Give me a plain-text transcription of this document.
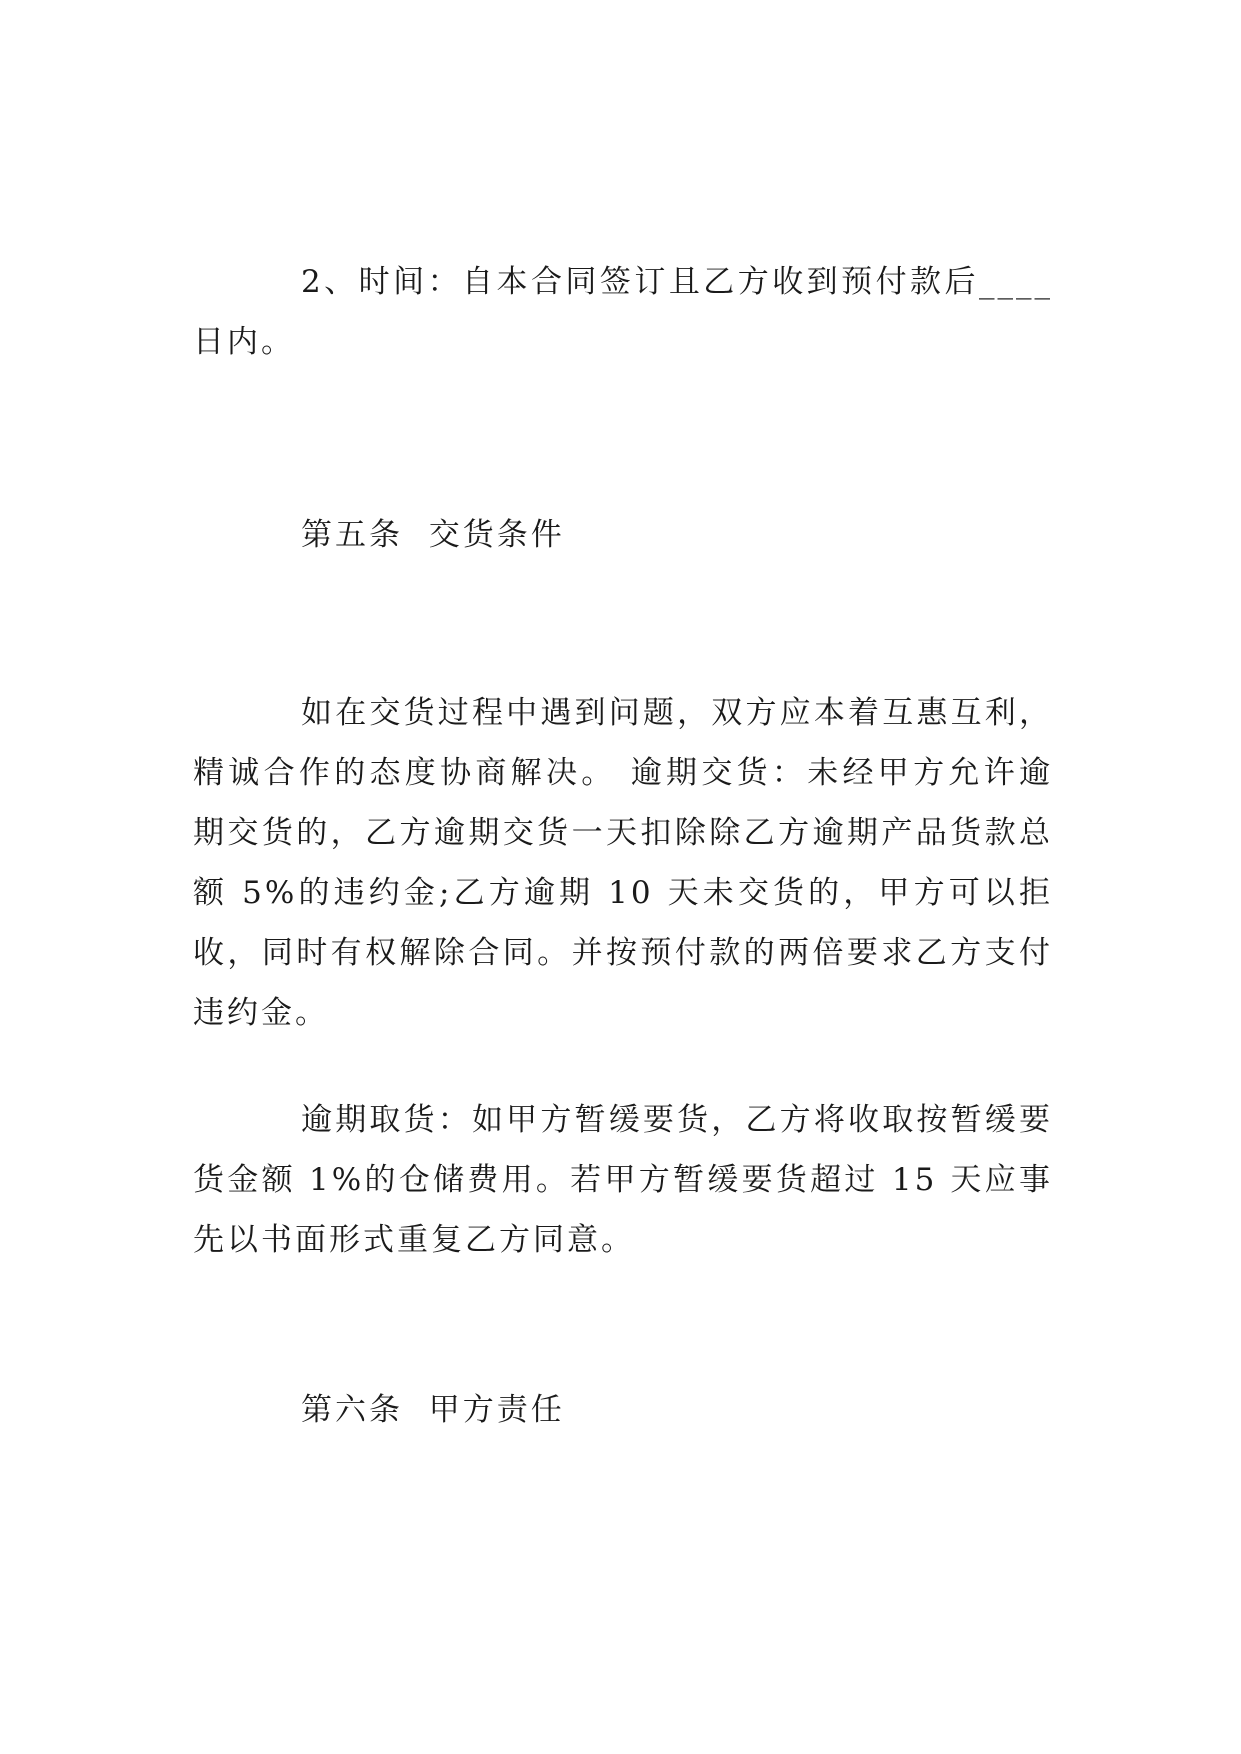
2、时间：自本合同签订且乙方收到预付款后____日内。

第五条  交货条件

如在交货过程中遇到问题，双方应本着互惠互利，精诚合作的态度协商解决。 逾期交货：未经甲方允许逾期交货的，乙方逾期交货一天扣除除乙方逾期产品货款总额 5%的违约金;乙方逾期 10 天未交货的，甲方可以拒收，同时有权解除合同。并按预付款的两倍要求乙方支付违约金。

逾期取货：如甲方暂缓要货，乙方将收取按暂缓要货金额 1%的仓储费用。若甲方暂缓要货超过 15 天应事先以书面形式重复乙方同意。

第六条  甲方责任
